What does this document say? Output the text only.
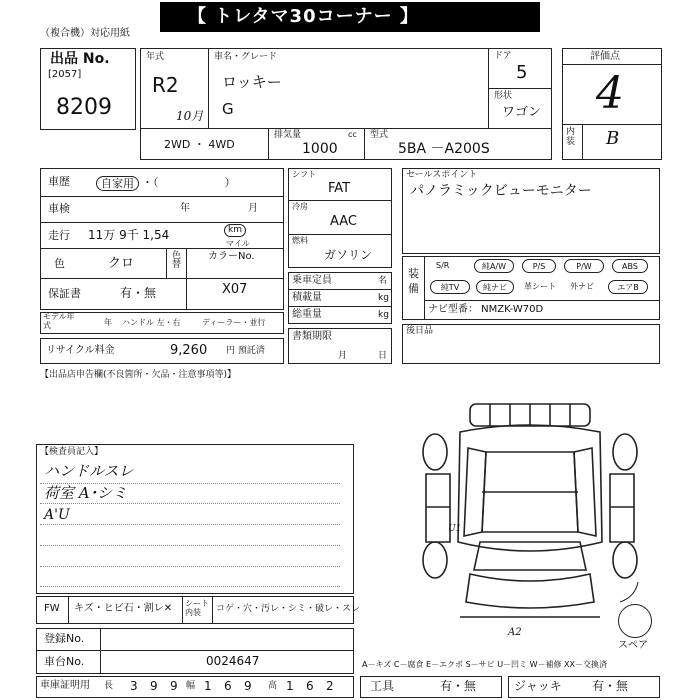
【 トレタマ30コーナー 】
（複合機）対応用紙
出品 No.
[2057]
8209
年式
R2
10月
車名・グレード
ロッキー
G
ドア
5
形状
ワゴン
2WD ・ 4WD
排気量	cc
1000
型式
5BA －A200S
評価点
4
内装 B
車歴	自家用 ・（　　　　　　）
車検	年	月
走行 11万 9千 1,54	km
マイル
色	クロ	色替
カラーNo.
X07
保証書	有・無
モデル年式	年 ハンドル 左・右	ディーラー・並行
リサイクル料金	9,260 円 預託済
シフト
FAT
冷房
AAC
燃料
ガソリン
乗車定員	名
積載量	kg
総重量	kg
書類期限
月	日
セールスポイント
パノラミックビューモニター
装備
S/R	純A/W	P/S	P/W	ABS
純TV	純ナビ	革シート 外ナビ	エアB
ナビ型番： NMZK-W70D
後日品
【出品店申告欄(不良箇所・欠品・注意事項等)】
【検査員記入】
ハンドルスレ
荷室 A･シミ
A'U
U1
A2
スペア
FW キズ・ヒビ石・割レ✕ シート内装	コゲ・穴・汚レ・シミ・破レ・スレ
登録No.
車台No.	0024647	A－キズ C－腐食 E－エクボ S－サビ U－凹ミ W－補修 XX－交換済
車庫証明用 長 3 9 9 幅 1 6 9 高 1 6 2	工具	有・無	ジャッキ	有・無
